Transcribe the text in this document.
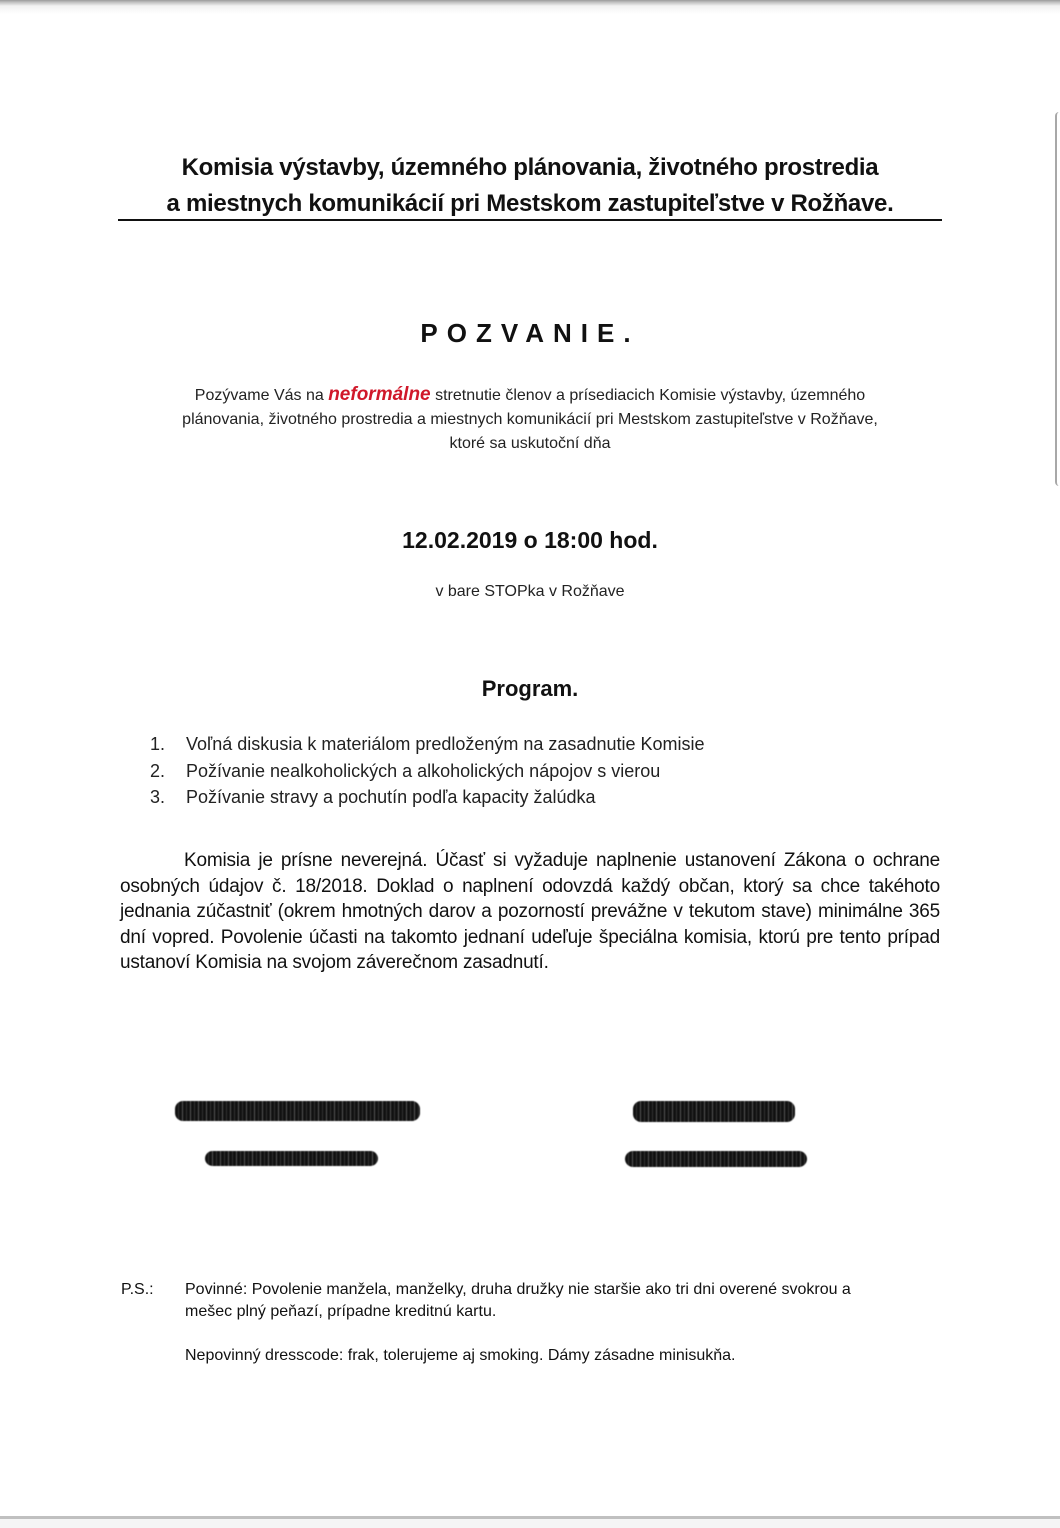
Komisia výstavby, územného plánovania, životného prostredia
a miestnych komunikácií pri Mestskom zastupiteľstve v Rožňave.
POZVANIE.
Pozývame Vás na neformálne stretnutie členov a prísediacich Komisie výstavby, územného
plánovania, životného prostredia a miestnych komunikácií pri Mestskom zastupiteľstve v Rožňave,
ktoré sa uskutoční dňa
12.02.2019 o 18:00 hod.
v bare STOPka v Rožňave
Program.
1.	Voľná diskusia k materiálom predloženým na zasadnutie Komisie
2.	Požívanie nealkoholických a alkoholických nápojov s vierou
3.	Požívanie stravy a pochutín podľa kapacity žalúdka
Komisia je prísne neverejná. Účasť si vyžaduje naplnenie ustanovení Zákona o ochrane osobných údajov č. 18/2018. Doklad o naplnení odovzdá každý občan, ktorý sa chce takéhoto jednania zúčastniť (okrem hmotných darov a pozorností prevážne v tekutom stave) minimálne 365 dní vopred. Povolenie účasti na takomto jednaní udeľuje špeciálna komisia, ktorú pre tento prípad ustanoví Komisia na svojom záverečnom zasadnutí.
P.S.:	Povinné: Povolenie manžela, manželky, druha družky nie staršie ako tri dni overené svokrou a mešec plný peňazí, prípadne kreditnú kartu.

Nepovinný dresscode: frak, tolerujeme aj smoking. Dámy zásadne minisukňa.
